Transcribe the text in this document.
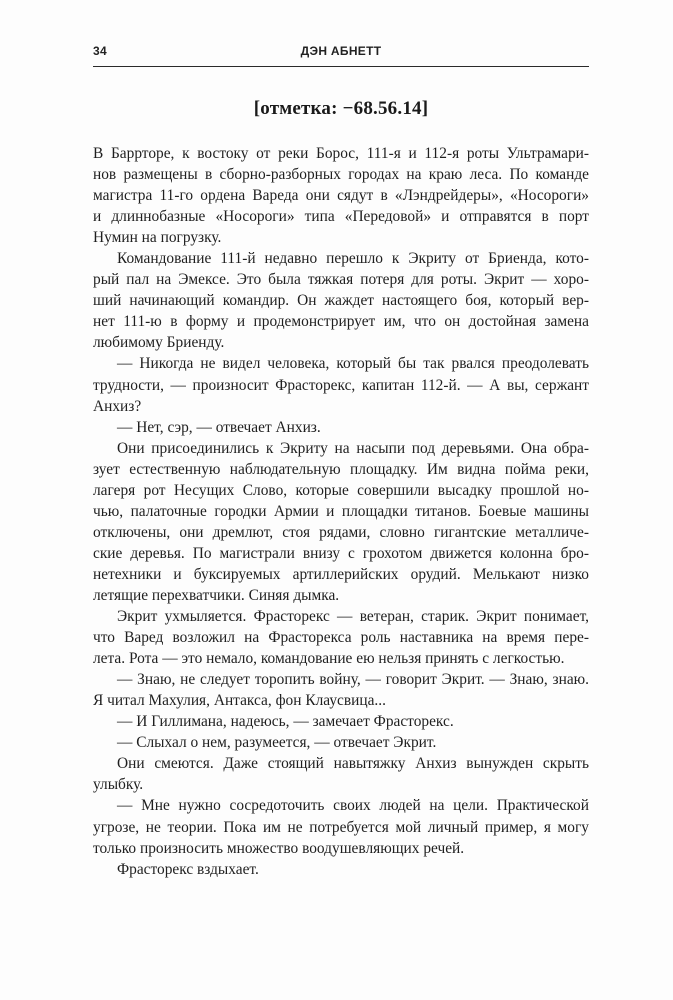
34	ДЭН АБНЕТТ
[отметка: −68.56.14]

В Баррторе, к востоку от реки Борос, 111-я и 112-я роты Ультрамари-

нов размещены в сборно-разборных городах на краю леса. По команде

магистра 11-го ордена Вареда они сядут в «Лэндрейдеры», «Носороги»

и длиннобазные «Носороги» типа «Передовой» и отправятся в порт

Нумин на погрузку.

Командование 111-й недавно перешло к Экриту от Бриенда, кото-

рый пал на Эмексе. Это была тяжкая потеря для роты. Экрит — хоро-

ший начинающий командир. Он жаждет настоящего боя, который вер-

нет 111-ю в форму и продемонстрирует им, что он достойная замена

любимому Бриенду.

— Никогда не видел человека, который бы так рвался преодолевать

трудности, — произносит Фрасторекс, капитан 112-й. — А вы, сержант

Анхиз?

— Нет, сэр, — отвечает Анхиз.

Они присоединились к Экриту на насыпи под деревьями. Она обра-

зует естественную наблюдательную площадку. Им видна пойма реки,

лагеря рот Несущих Слово, которые совершили высадку прошлой но-

чью, палаточные городки Армии и площадки титанов. Боевые машины

отключены, они дремлют, стоя рядами, словно гигантские металличе-

ские деревья. По магистрали внизу с грохотом движется колонна бро-

нетехники и буксируемых артиллерийских орудий. Мелькают низко

летящие перехватчики. Синяя дымка.

Экрит ухмыляется. Фрасторекс — ветеран, старик. Экрит понимает,

что Варед возложил на Фрасторекса роль наставника на время пере-

лета. Рота — это немало, командование ею нельзя принять с легкостью.

— Знаю, не следует торопить войну, — говорит Экрит. — Знаю, знаю.

Я читал Махулия, Антакса, фон Клаусвица...

— И Гиллимана, надеюсь, — замечает Фрасторекс.

— Слыхал о нем, разумеется, — отвечает Экрит.

Они смеются. Даже стоящий навытяжку Анхиз вынужден скрыть

улыбку.

— Мне нужно сосредоточить своих людей на цели. Практической

угрозе, не теории. Пока им не потребуется мой личный пример, я могу

только произносить множество воодушевляющих речей.

Фрасторекс вздыхает.
